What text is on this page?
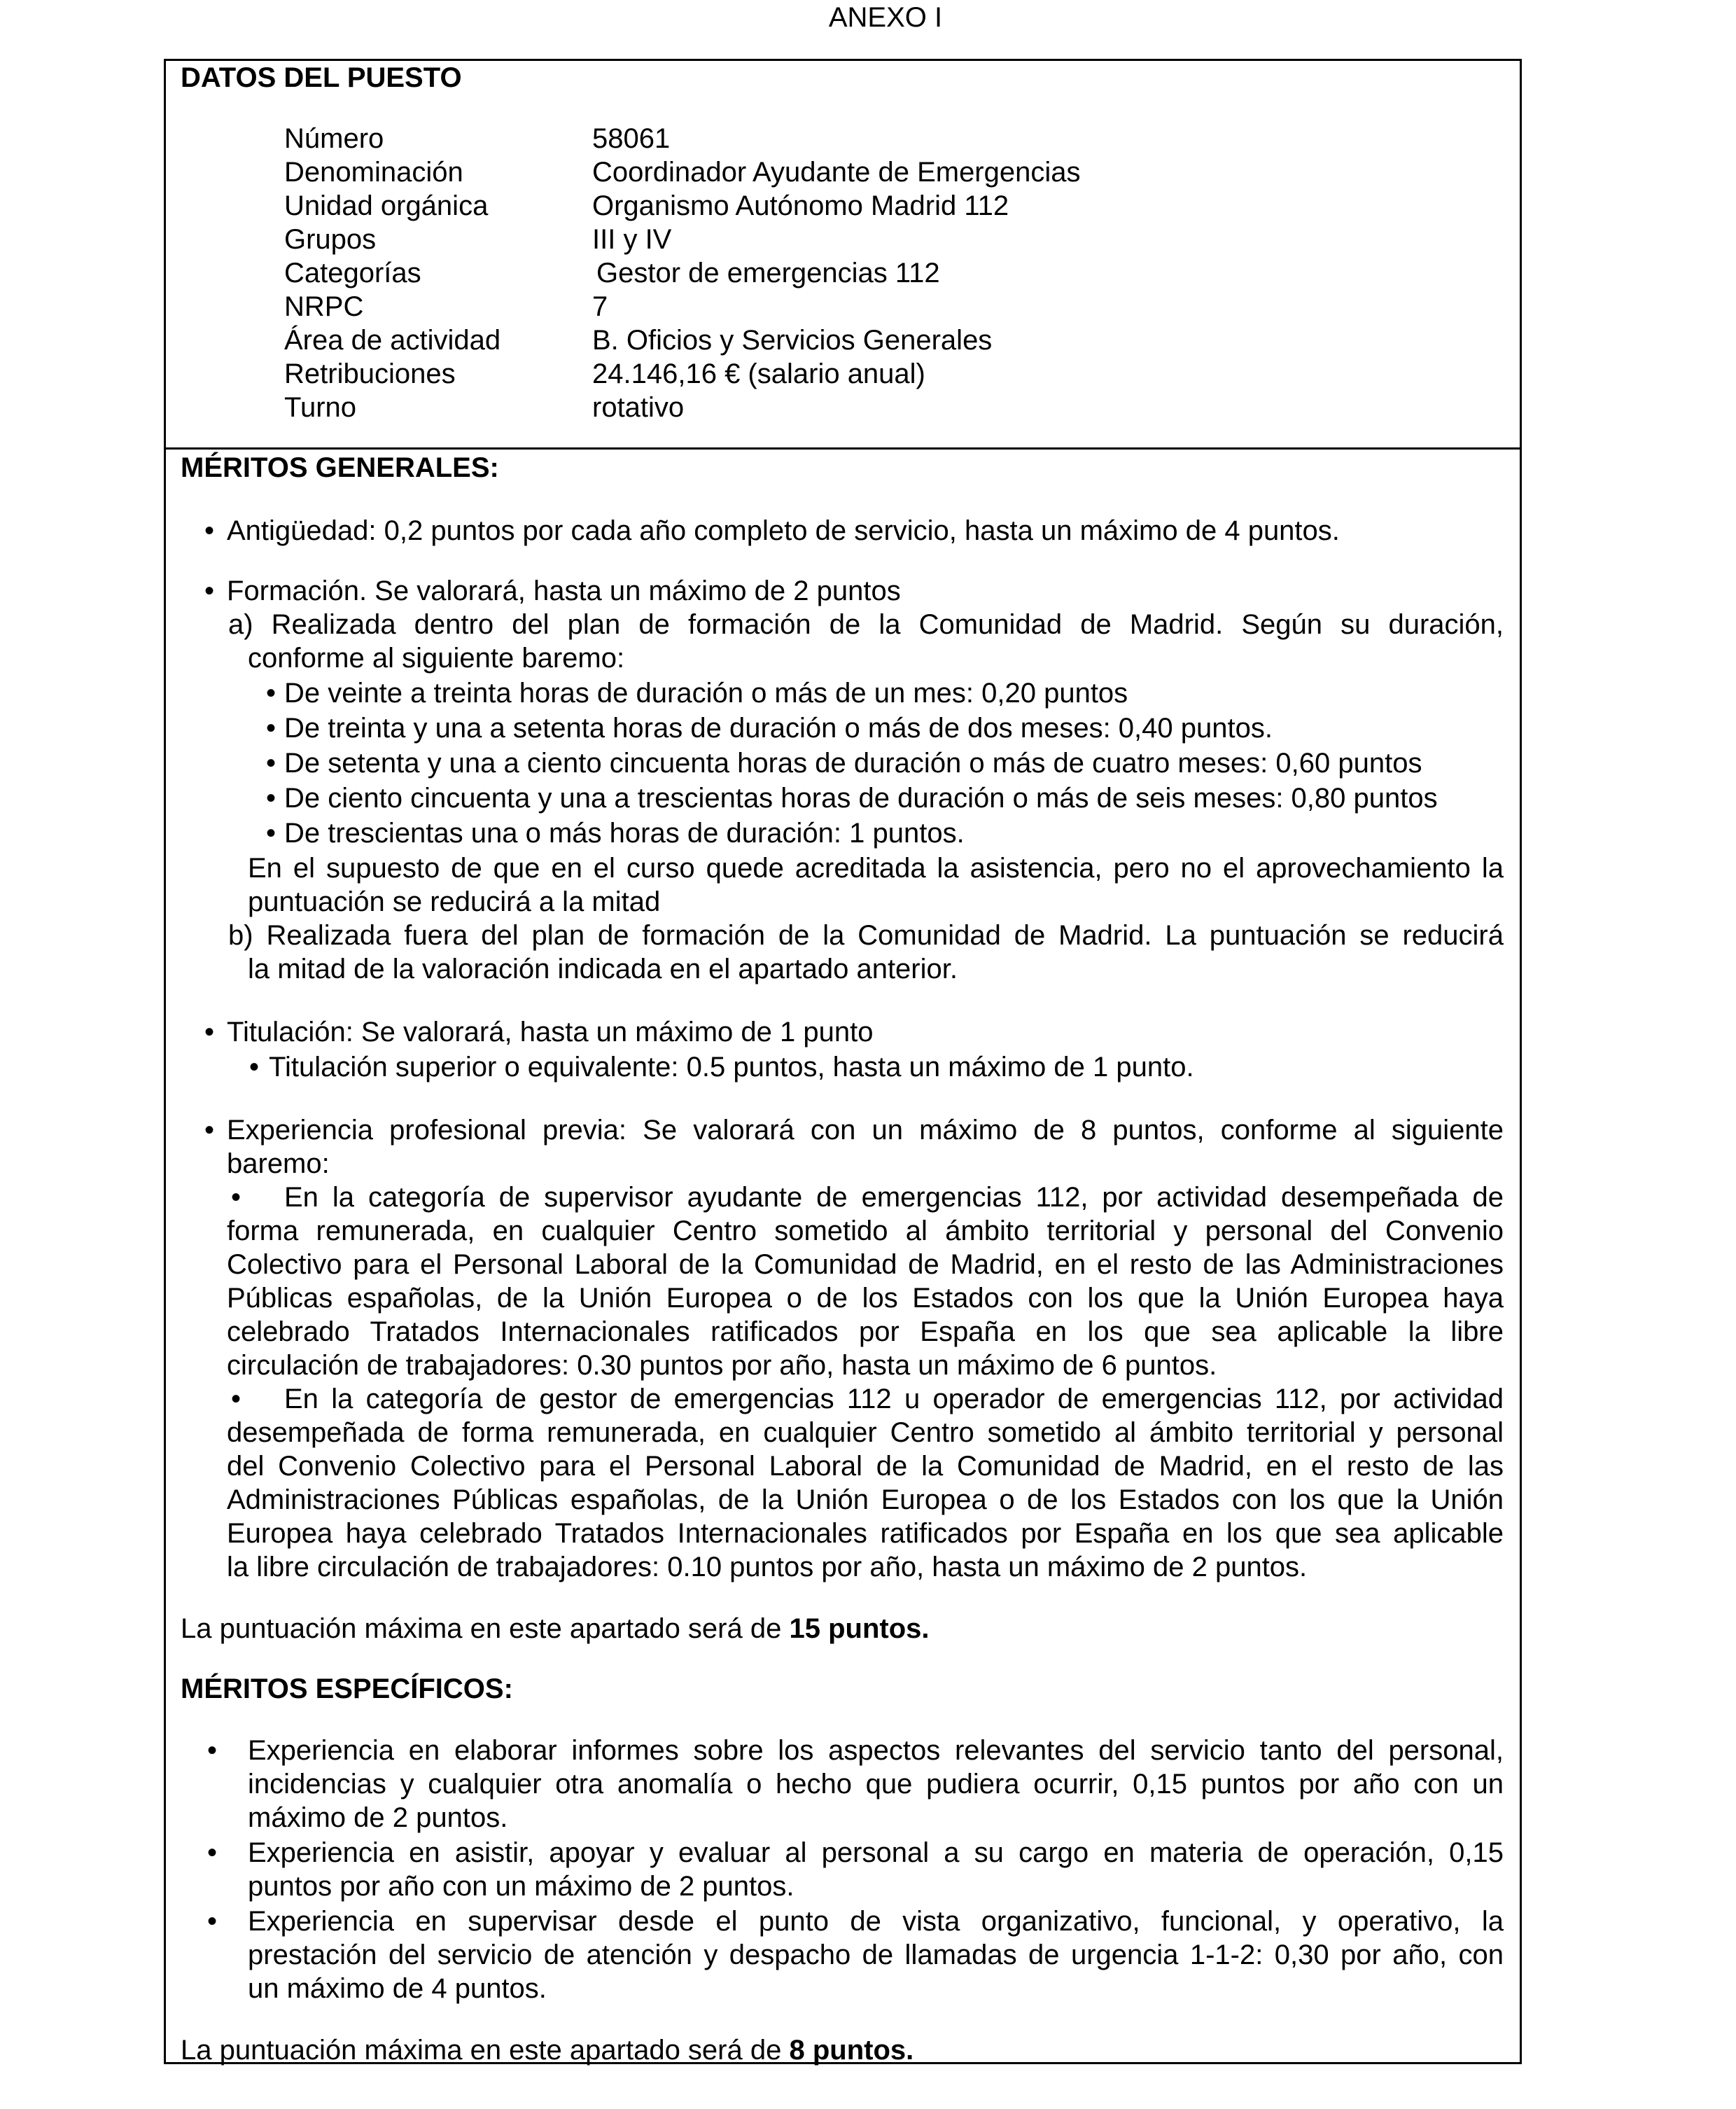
ANEXO I
DATOS DEL PUESTO
Número	58061
Denominación	Coordinador Ayudante de Emergencias
Unidad orgánica	Organismo Autónomo Madrid 112
Grupos	III y IV
Categorías	Gestor de emergencias 112
NRPC	7
Área de actividad	B. Oficios y Servicios Generales
Retribuciones	24.146,16 € (salario anual)
Turno	rotativo
MÉRITOS GENERALES:
• Antigüedad: 0,2 puntos por cada año completo de servicio, hasta un máximo de 4 puntos.
• Formación. Se valorará, hasta un máximo de 2 puntos
a) Realizada dentro del plan de formación de la Comunidad de Madrid. Según su duración,
conforme al siguiente baremo:
• De veinte a treinta horas de duración o más de un mes: 0,20 puntos
• De treinta y una a setenta horas de duración o más de dos meses: 0,40 puntos.
• De setenta y una a ciento cincuenta horas de duración o más de cuatro meses: 0,60 puntos
• De ciento cincuenta y una a trescientas horas de duración o más de seis meses: 0,80 puntos
• De trescientas una o más horas de duración: 1 puntos.
En el supuesto de que en el curso quede acreditada la asistencia, pero no el aprovechamiento la
puntuación se reducirá a la mitad
b) Realizada fuera del plan de formación de la Comunidad de Madrid. La puntuación se reducirá
la mitad de la valoración indicada en el apartado anterior.
• Titulación: Se valorará, hasta un máximo de 1 punto
• Titulación superior o equivalente: 0.5 puntos, hasta un máximo de 1 punto.
• Experiencia profesional previa: Se valorará con un máximo de 8 puntos, conforme al siguiente
baremo:
• En la categoría de supervisor ayudante de emergencias 112, por actividad desempeñada de
forma remunerada, en cualquier Centro sometido al ámbito territorial y personal del Convenio
Colectivo para el Personal Laboral de la Comunidad de Madrid, en el resto de las Administraciones
Públicas españolas, de la Unión Europea o de los Estados con los que la Unión Europea haya
celebrado Tratados Internacionales ratificados por España en los que sea aplicable la libre
circulación de trabajadores: 0.30 puntos por año, hasta un máximo de 6 puntos.
• En la categoría de gestor de emergencias 112 u operador de emergencias 112, por actividad
desempeñada de forma remunerada, en cualquier Centro sometido al ámbito territorial y personal
del Convenio Colectivo para el Personal Laboral de la Comunidad de Madrid, en el resto de las
Administraciones Públicas españolas, de la Unión Europea o de los Estados con los que la Unión
Europea haya celebrado Tratados Internacionales ratificados por España en los que sea aplicable
la libre circulación de trabajadores: 0.10 puntos por año, hasta un máximo de 2 puntos.
La puntuación máxima en este apartado será de 15 puntos.
MÉRITOS ESPECÍFICOS:
• Experiencia en elaborar informes sobre los aspectos relevantes del servicio tanto del personal,
incidencias y cualquier otra anomalía o hecho que pudiera ocurrir, 0,15 puntos por año con un
máximo de 2 puntos.
• Experiencia en asistir, apoyar y evaluar al personal a su cargo en materia de operación, 0,15
puntos por año con un máximo de 2 puntos.
• Experiencia en supervisar desde el punto de vista organizativo, funcional, y operativo, la
prestación del servicio de atención y despacho de llamadas de urgencia 1-1-2: 0,30 por año, con
un máximo de 4 puntos.
La puntuación máxima en este apartado será de 8 puntos.
